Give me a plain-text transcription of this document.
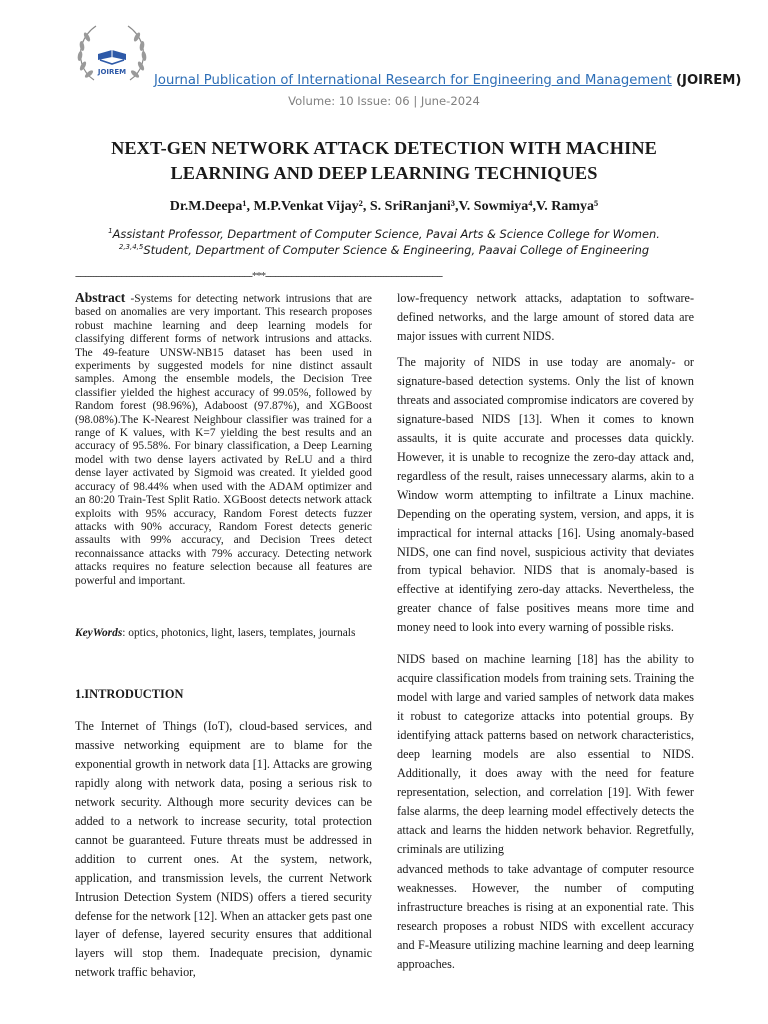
JOIREM
Journal Publication of International Research for Engineering and Management (JOIREM)
Volume: 10 Issue: 06 | June-2024
NEXT-GEN NETWORK ATTACK DETECTION WITH MACHINE LEARNING AND DEEP LEARNING TECHNIQUES
Dr.M.Deepa¹, M.P.Venkat Vijay², S. SriRanjani³,V. Sowmiya⁴,V. Ramya⁵
$^1$Assistant Professor, Department of Computer Science, Pavai Arts & Science College for Women.
$^{2,3,4,5}$Student, Department of Computer Science & Engineering, Paavai College of Engineering
---------------------------------------------------------------------***---------------------------------------------------------------------
Abstract -Systems for detecting network intrusions that are based on anomalies are very important. This research proposes robust machine learning and deep learning models for classifying different forms of network intrusions and attacks. The 49-feature UNSW-NB15 dataset has been used in experiments by suggested models for nine distinct assault samples. Among the ensemble models, the Decision Tree classifier yielded the highest accuracy of 99.05%, followed by Random forest (98.96%), Adaboost (97.87%), and XGBoost (98.08%).The K-Nearest Neighbour classifier was trained for a range of K values, with K=7 yielding the best results and an accuracy of 95.58%. For binary classification, a Deep Learning model with two dense layers activated by ReLU and a third dense layer activated by Sigmoid was created. It yielded good accuracy of 98.44% when used with the ADAM optimizer and an 80:20 Train-Test Split Ratio. XGBoost detects network attack exploits with 95% accuracy, Random Forest detects fuzzer attacks with 90% accuracy, Random Forest detects generic assaults with 99% accuracy, and Decision Trees detect reconnaissance attacks with 79% accuracy. Detecting network attacks requires no feature selection because all features are powerful and important.
KeyWords: optics, photonics, light, lasers, templates, journals
1.INTRODUCTION

The Internet of Things (IoT), cloud-based services, and massive networking equipment are to blame for the exponential growth in network data [1]. Attacks are growing rapidly along with network data, posing a serious risk to network security. Although more security devices can be added to a network to increase security, total protection cannot be guaranteed. Future threats must be addressed in addition to current ones. At the system, network, application, and transmission levels, the current Network Intrusion Detection System (NIDS) offers a tiered security defense for the network [12]. When an attacker gets past one layer of defense, layered security ensures that additional layers will stop them. Inadequate precision, dynamic network traffic behavior,

low-frequency network attacks, adaptation to software-defined networks, and the large amount of stored data are major issues with current NIDS.

The majority of NIDS in use today are anomaly- or signature-based detection systems. Only the list of known threats and associated compromise indicators are covered by signature-based NIDS [13]. When it comes to known assaults, it is quite accurate and processes data quickly. However, it is unable to recognize the zero-day attack and, regardless of the result, raises unnecessary alarms, akin to a Window worm attempting to infiltrate a Linux machine. Depending on the operating system, version, and apps, it is impractical for internal attacks [16]. Using anomaly-based NIDS, one can find novel, suspicious activity that deviates from typical behavior. NIDS that is anomaly-based is effective at identifying zero-day attacks. Nevertheless, the greater chance of false positives means more time and money need to look into every warning of possible risks.

NIDS based on machine learning [18] has the ability to acquire classification models from training sets. Training the model with large and varied samples of network data makes it robust to categorize attacks into potential groups. By identifying attack patterns based on network characteristics, deep learning models are also essential to NIDS. Additionally, it does away with the need for feature representation, selection, and correlation [19]. With fewer false alarms, the deep learning model effectively detects the attack and learns the hidden network behavior. Regretfully, criminals are utilizing

advanced methods to take advantage of computer resource weaknesses. However, the number of computing infrastructure breaches is rising at an exponential rate. This research proposes a robust NIDS with excellent accuracy and F-Measure utilizing machine learning and deep learning approaches.
